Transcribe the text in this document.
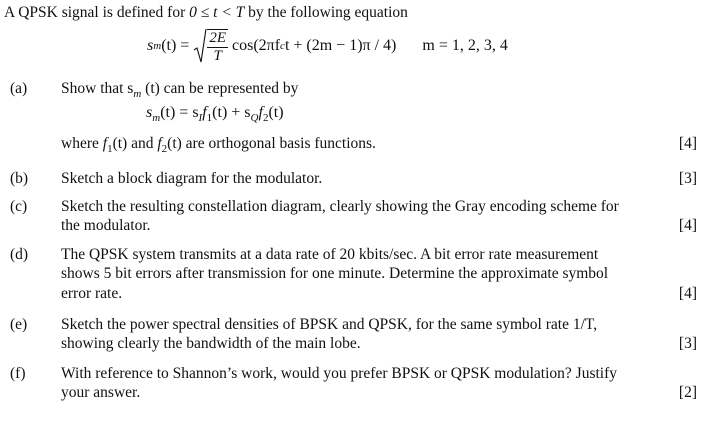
A QPSK signal is defined for 0 ≤ t < T by the following equation
s m $(t) = \frac{2E}{T} \cos(2\pi f$ c t + (2m − 1)π / 4) m = 1, 2, 3, 4
(a) Show that $s_m$ (t) can be represented by
$s_m(t) = s_If_1(t) + s_Qf_2(t)$
where $f_1(t)$ and $f_2(t)$ are orthogonal basis functions.	[4]
(b) Sketch a block diagram for the modulator.	[3]
(c) Sketch the resulting constellation diagram, clearly showing the Gray encoding scheme for
the modulator.	[4]
(d) The QPSK system transmits at a data rate of 20 kbits/sec. A bit error rate measurement
shows 5 bit errors after transmission for one minute. Determine the approximate symbol
error rate.	[4]
(e) Sketch the power spectral densities of BPSK and QPSK, for the same symbol rate 1/T,
showing clearly the bandwidth of the main lobe.	[3]
(f) With reference to Shannon’s work, would you prefer BPSK or QPSK modulation? Justify
your answer.	[2]
